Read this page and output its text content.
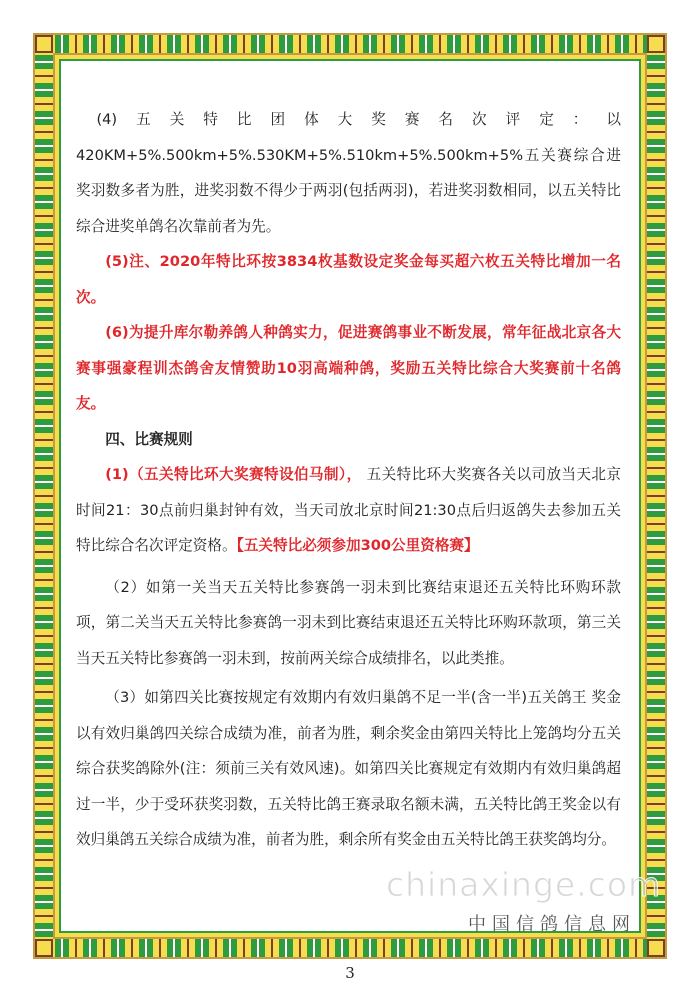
(4)五关特比团体大奖赛名次评定：以420KM+5%.500km+5%.530KM+5%.510km+5%.500km+5%五关赛综合进奖羽数多者为胜，进奖羽数不得少于两羽(包括两羽)，若进奖羽数相同，以五关特比综合进奖单鸽名次靠前者为先。

(5)注、2020年特比环按3834枚基数设定奖金每买超六枚五关特比增加一名次。

(6)为提升库尔勒养鸽人种鸽实力，促进赛鸽事业不断发展，常年征战北京各大赛事强豪程训杰鸽舍友情赞助10羽高端种鸽，奖励五关特比综合大奖赛前十名鸽友。

四、比赛规则

(1)（五关特比环大奖赛特设伯马制）， 五关特比环大奖赛各关以司放当天北京时间21：30点前归巢封钟有效，当天司放北京时间21:30点后归返鸽失去参加五关特比综合名次评定资格。【五关特比必须参加300公里资格赛】

（2）如第一关当天五关特比参赛鸽一羽未到比赛结束退还五关特比环购环款项，第二关当天五关特比参赛鸽一羽未到比赛结束退还五关特比环购环款项，第三关当天五关特比参赛鸽一羽未到，按前两关综合成绩排名，以此类推。

（3）如第四关比赛按规定有效期内有效归巢鸽不足一半(含一半)五关鸽王 奖金以有效归巢鸽四关综合成绩为准，前者为胜，剩余奖金由第四关特比上笼鸽均分五关综合获奖鸽除外(注：须前三关有效风速)。如第四关比赛规定有效期内有效归巢鸽超过一半，少于受环获奖羽数，五关特比鸽王赛录取名额未满，五关特比鸽王奖金以有效归巢鸽五关综合成绩为准，前者为胜，剩余所有奖金由五关特比鸽王获奖鸽均分。

chinaxinge.com
中国信鸽信息网
3
